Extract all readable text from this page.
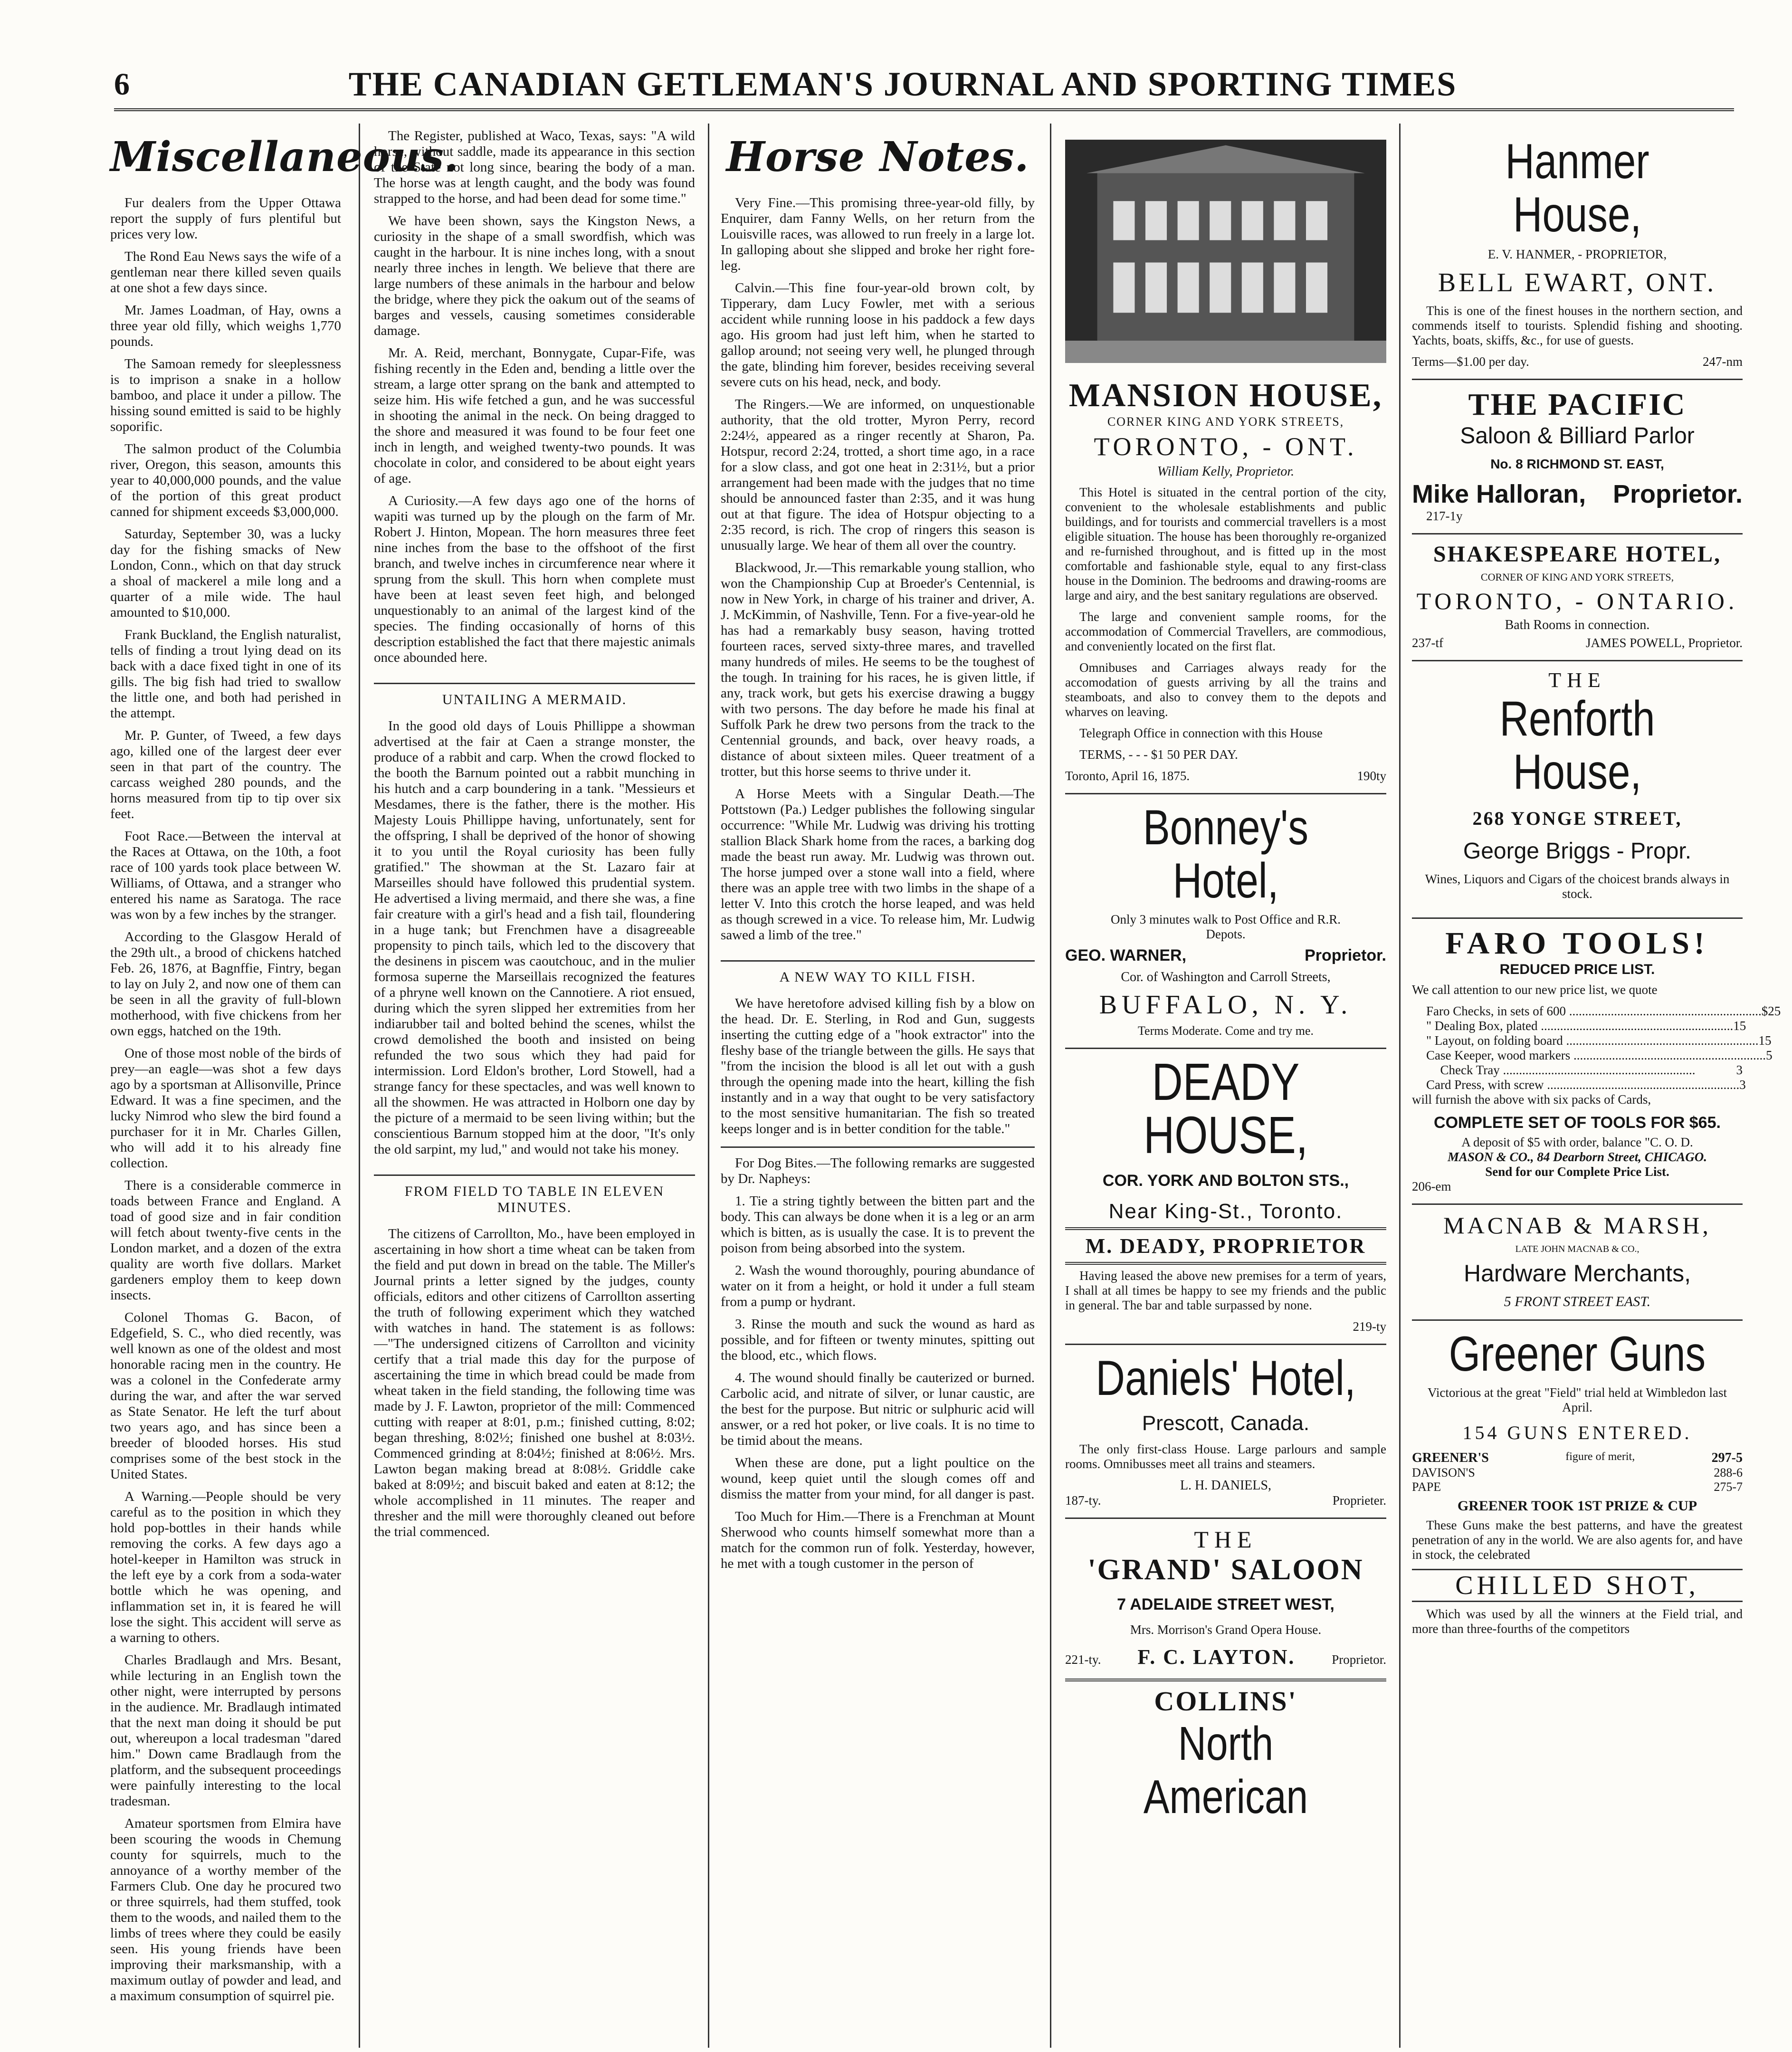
6	THE CANADIAN GETLEMAN'S JOURNAL AND SPORTING TIMES
Miscellaneous.

Fur dealers from the Upper Ottawa report the supply of furs plentiful but prices very low.

The Rond Eau News says the wife of a gentleman near there killed seven quails at one shot a few days since.

Mr. James Loadman, of Hay, owns a three year old filly, which weighs 1,770 pounds.

The Samoan remedy for sleeplessness is to imprison a snake in a hollow bamboo, and place it under a pillow. The hissing sound emitted is said to be highly soporific.

The salmon product of the Columbia river, Oregon, this season, amounts this year to 40,000,000 pounds, and the value of the portion of this great product canned for shipment exceeds $3,000,000.

Saturday, September 30, was a lucky day for the fishing smacks of New London, Conn., which on that day struck a shoal of mackerel a mile long and a quarter of a mile wide. The haul amounted to $10,000.

Frank Buckland, the English naturalist, tells of finding a trout lying dead on its back with a dace fixed tight in one of its gills. The big fish had tried to swallow the little one, and both had perished in the attempt.

Mr. P. Gunter, of Tweed, a few days ago, killed one of the largest deer ever seen in that part of the country. The carcass weighed 280 pounds, and the horns measured from tip to tip over six feet.

Foot Race.—Between the interval at the Races at Ottawa, on the 10th, a foot race of 100 yards took place between W. Williams, of Ottawa, and a stranger who entered his name as Saratoga. The race was won by a few inches by the stranger.

According to the Glasgow Herald of the 29th ult., a brood of chickens hatched Feb. 26, 1876, at Bagnffie, Fintry, began to lay on July 2, and now one of them can be seen in all the gravity of full-blown motherhood, with five chickens from her own eggs, hatched on the 19th.

One of those most noble of the birds of prey—an eagle—was shot a few days ago by a sportsman at Allisonville, Prince Edward. It was a fine specimen, and the lucky Nimrod who slew the bird found a purchaser for it in Mr. Charles Gillen, who will add it to his already fine collection.

There is a considerable commerce in toads between France and England. A toad of good size and in fair condition will fetch about twenty-five cents in the London market, and a dozen of the extra quality are worth five dollars. Market gardeners employ them to keep down insects.

Colonel Thomas G. Bacon, of Edgefield, S. C., who died recently, was well known as one of the oldest and most honorable racing men in the country. He was a colonel in the Confederate army during the war, and after the war served as State Senator. He left the turf about two years ago, and has since been a breeder of blooded horses. His stud comprises some of the best stock in the United States.

A Warning.—People should be very careful as to the position in which they hold pop-bottles in their hands while removing the corks. A few days ago a hotel-keeper in Hamilton was struck in the left eye by a cork from a soda-water bottle which he was opening, and inflammation set in, it is feared he will lose the sight. This accident will serve as a warning to others.

Charles Bradlaugh and Mrs. Besant, while lecturing in an English town the other night, were interrupted by persons in the audience. Mr. Bradlaugh intimated that the next man doing it should be put out, whereupon a local tradesman "dared him." Down came Bradlaugh from the platform, and the subsequent proceedings were painfully interesting to the local tradesman.

Amateur sportsmen from Elmira have been scouring the woods in Chemung county for squirrels, much to the annoyance of a worthy member of the Farmers Club. One day he procured two or three squirrels, had them stuffed, took them to the woods, and nailed them to the limbs of trees where they could be easily seen. His young friends have been improving their marksmanship, with a maximum outlay of powder and lead, and a maximum consumption of squirrel pie.

The Register, published at Waco, Texas, says: "A wild horse, without saddle, made its appearance in this section of the State not long since, bearing the body of a man. The horse was at length caught, and the body was found strapped to the horse, and had been dead for some time."

We have been shown, says the Kingston News, a curiosity in the shape of a small swordfish, which was caught in the harbour. It is nine inches long, with a snout nearly three inches in length. We believe that there are large numbers of these animals in the harbour and below the bridge, where they pick the oakum out of the seams of barges and vessels, causing sometimes considerable damage.

Mr. A. Reid, merchant, Bonnygate, Cupar-Fife, was fishing recently in the Eden and, bending a little over the stream, a large otter sprang on the bank and attempted to seize him. His wife fetched a gun, and he was successful in shooting the animal in the neck. On being dragged to the shore and measured it was found to be four feet one inch in length, and weighed twenty-two pounds. It was chocolate in color, and considered to be about eight years of age.

A Curiosity.—A few days ago one of the horns of wapiti was turned up by the plough on the farm of Mr. Robert J. Hinton, Mopean. The horn measures three feet nine inches from the base to the offshoot of the first branch, and twelve inches in circumference near where it sprung from the skull. This horn when complete must have been at least seven feet high, and belonged unquestionably to an animal of the largest kind of the species. The finding occasionally of horns of this description established the fact that there majestic animals once abounded here.

UNTAILING A MERMAID.

In the good old days of Louis Phillippe a showman advertised at the fair at Caen a strange monster, the produce of a rabbit and carp. When the crowd flocked to the booth the Barnum pointed out a rabbit munching in his hutch and a carp boundering in a tank. "Messieurs et Mesdames, there is the father, there is the mother. His Majesty Louis Phillippe having, unfortunately, sent for the offspring, I shall be deprived of the honor of showing it to you until the Royal curiosity has been fully gratified." The showman at the St. Lazaro fair at Marseilles should have followed this prudential system. He advertised a living mermaid, and there she was, a fine fair creature with a girl's head and a fish tail, floundering in a huge tank; but Frenchmen have a disagreeable propensity to pinch tails, which led to the discovery that the desinens in piscem was caoutchouc, and in the mulier formosa superne the Marseillais recognized the features of a phryne well known on the Cannotiere. A riot ensued, during which the syren slipped her extremities from her indiarubber tail and bolted behind the scenes, whilst the crowd demolished the booth and insisted on being refunded the two sous which they had paid for intermission. Lord Eldon's brother, Lord Stowell, had a strange fancy for these spectacles, and was well known to all the showmen. He was attracted in Holborn one day by the picture of a mermaid to be seen living within; but the conscientious Barnum stopped him at the door, "It's only the old sarpint, my lud," and would not take his money.

FROM FIELD TO TABLE IN ELEVEN MINUTES.

The citizens of Carrollton, Mo., have been employed in ascertaining in how short a time wheat can be taken from the field and put down in bread on the table. The Miller's Journal prints a letter signed by the judges, county officials, editors and other citizens of Carrollton asserting the truth of following experiment which they watched with watches in hand. The statement is as follows: —"The undersigned citizens of Carrollton and vicinity certify that a trial made this day for the purpose of ascertaining the time in which bread could be made from wheat taken in the field standing, the following time was made by J. F. Lawton, proprietor of the mill: Commenced cutting with reaper at 8:01, p.m.; finished cutting, 8:02; began threshing, 8:02½; finished one bushel at 8:03½. Commenced grinding at 8:04½; finished at 8:06½. Mrs. Lawton began making bread at 8:08½. Griddle cake baked at 8:09½; and biscuit baked and eaten at 8:12; the whole accomplished in 11 minutes. The reaper and thresher and the mill were thoroughly cleaned out before the trial commenced.

Horse Notes.

Very Fine.—This promising three-year-old filly, by Enquirer, dam Fanny Wells, on her return from the Louisville races, was allowed to run freely in a large lot. In galloping about she slipped and broke her right fore-leg.

Calvin.—This fine four-year-old brown colt, by Tipperary, dam Lucy Fowler, met with a serious accident while running loose in his paddock a few days ago. His groom had just left him, when he started to gallop around; not seeing very well, he plunged through the gate, blinding him forever, besides receiving several severe cuts on his head, neck, and body.

The Ringers.—We are informed, on unquestionable authority, that the old trotter, Myron Perry, record 2:24½, appeared as a ringer recently at Sharon, Pa. Hotspur, record 2:24, trotted, a short time ago, in a race for a slow class, and got one heat in 2:31½, but a prior arrangement had been made with the judges that no time should be announced faster than 2:35, and it was hung out at that figure. The idea of Hotspur objecting to a 2:35 record, is rich. The crop of ringers this season is unusually large. We hear of them all over the country.

Blackwood, Jr.—This remarkable young stallion, who won the Championship Cup at Broeder's Centennial, is now in New York, in charge of his trainer and driver, A. J. McKimmin, of Nashville, Tenn. For a five-year-old he has had a remarkably busy season, having trotted fourteen races, served sixty-three mares, and travelled many hundreds of miles. He seems to be the toughest of the tough. In training for his races, he is given little, if any, track work, but gets his exercise drawing a buggy with two persons. The day before he made his final at Suffolk Park he drew two persons from the track to the Centennial grounds, and back, over heavy roads, a distance of about sixteen miles. Queer treatment of a trotter, but this horse seems to thrive under it.

A Horse Meets with a Singular Death.—The Pottstown (Pa.) Ledger publishes the following singular occurrence: "While Mr. Ludwig was driving his trotting stallion Black Shark home from the races, a barking dog made the beast run away. Mr. Ludwig was thrown out. The horse jumped over a stone wall into a field, where there was an apple tree with two limbs in the shape of a letter V. Into this crotch the horse leaped, and was held as though screwed in a vice. To release him, Mr. Ludwig sawed a limb of the tree."

A NEW WAY TO KILL FISH.

We have heretofore advised killing fish by a blow on the head. Dr. E. Sterling, in Rod and Gun, suggests inserting the cutting edge of a "hook extractor" into the fleshy base of the triangle between the gills. He says that "from the incision the blood is all let out with a gush through the opening made into the heart, killing the fish instantly and in a way that ought to be very satisfactory to the most sensitive humanitarian. The fish so treated keeps longer and is in better condition for the table."

For Dog Bites.—The following remarks are suggested by Dr. Napheys:

1. Tie a string tightly between the bitten part and the body. This can always be done when it is a leg or an arm which is bitten, as is usually the case. It is to prevent the poison from being absorbed into the system.

2. Wash the wound thoroughly, pouring abundance of water on it from a height, or hold it under a full steam from a pump or hydrant.

3. Rinse the mouth and suck the wound as hard as possible, and for fifteen or twenty minutes, spitting out the blood, etc., which flows.

4. The wound should finally be cauterized or burned. Carbolic acid, and nitrate of silver, or lunar caustic, are the best for the purpose. But nitric or sulphuric acid will answer, or a red hot poker, or live coals. It is no time to be timid about the means.

When these are done, put a light poultice on the wound, keep quiet until the slough comes off and dismiss the matter from your mind, for all danger is past.

Too Much for Him.—There is a Frenchman at Mount Sherwood who counts himself somewhat more than a match for the common run of folk. Yesterday, however, he met with a tough customer in the person of

MANSION HOUSE,
CORNER KING AND YORK STREETS,
TORONTO, - ONT.
William Kelly, Proprietor.

This Hotel is situated in the central portion of the city, convenient to the wholesale establishments and public buildings, and for tourists and commercial travellers is a most eligible situation. The house has been thoroughly re-organized and re-furnished throughout, and is fitted up in the most comfortable and fashionable style, equal to any first-class house in the Dominion. The bedrooms and drawing-rooms are large and airy, and the best sanitary regulations are observed.

The large and convenient sample rooms, for the accommodation of Commercial Travellers, are commodious, and conveniently located on the first flat.

Omnibuses and Carriages always ready for the accomodation of guests arriving by all the trains and steamboats, and also to convey them to the depots and wharves on leaving.

Telegraph Office in connection with this House

TERMS, - - - $1 50 PER DAY.

Toronto, April 16, 1875.	190ty
Bonney's Hotel,
Only 3 minutes walk to Post Office and R.R. Depots.
GEO. WARNER,	Proprietor.
Cor. of Washington and Carroll Streets,
BUFFALO, N. Y.
Terms Moderate. Come and try me.
DEADY HOUSE,
COR. YORK AND BOLTON STS.,
Near King-St., Toronto.
M. DEADY, PROPRIETOR

Having leased the above new premises for a term of years, I shall at all times be happy to see my friends and the public in general. The bar and table surpassed by none.

219-ty
Daniels' Hotel,
Prescott, Canada.

The only first-class House. Large parlours and sample rooms. Omnibusses meet all trains and steamers.

L. H. DANIELS,
187-ty.	Proprieter.
THE
'GRAND' SALOON
7 ADELAIDE STREET WEST,
Mrs. Morrison's Grand Opera House.
221-ty. F. C. LAYTON.	Proprietor.
COLLINS'
North American
Hanmer House,
E. V. HANMER, - PROPRIETOR,
BELL EWART, ONT.

This is one of the finest houses in the northern section, and commends itself to tourists. Splendid fishing and shooting. Yachts, boats, skiffs, &c., for use of guests.

Terms—$1.00 per day.	247-nm
THE PACIFIC
Saloon & Billiard Parlor
No. 8 RICHMOND ST. EAST,
Mike Halloran, Proprietor.
217-1y
SHAKESPEARE HOTEL,
CORNER OF KING AND YORK STREETS,
TORONTO, - ONTARIO.
Bath Rooms in connection.
237-tf	JAMES POWELL, Proprietor.
THE
Renforth House,
268 YONGE STREET,
George Briggs - Propr.

Wines, Liquors and Cigars of the choicest brands always in stock.

FARO TOOLS!
REDUCED PRICE LIST.

We call attention to our new price list, we quote

Faro Checks, in sets of 600 ............................................................ $25
" Dealing Box, plated ............................................................ 15
" Layout, on folding board ............................................................ 15
Case Keeper, wood markers ............................................................ 5
Check Tray ............................................................	3
Card Press, with screw ............................................................ 3

will furnish the above with six packs of Cards,

COMPLETE SET OF TOOLS FOR $65.
A deposit of $5 with order, balance "C. O. D.
MASON & CO., 84 Dearborn Street, CHICAGO.
Send for our Complete Price List.
206-em
MACNAB & MARSH,
LATE JOHN MACNAB & CO.,
Hardware Merchants,
5 FRONT STREET EAST.
Greener Guns

Victorious at the great "Field" trial held at Wimbledon last April.

154 GUNS ENTERED.
GREENER'S	figure of merit,	297-5
DAVISON'S	288-6
PAPE	275-7
GREENER TOOK 1ST PRIZE & CUP

These Guns make the best patterns, and have the greatest penetration of any in the world. We are also agents for, and have in stock, the celebrated

CHILLED SHOT,

Which was used by all the winners at the Field trial, and more than three-fourths of the competitors
